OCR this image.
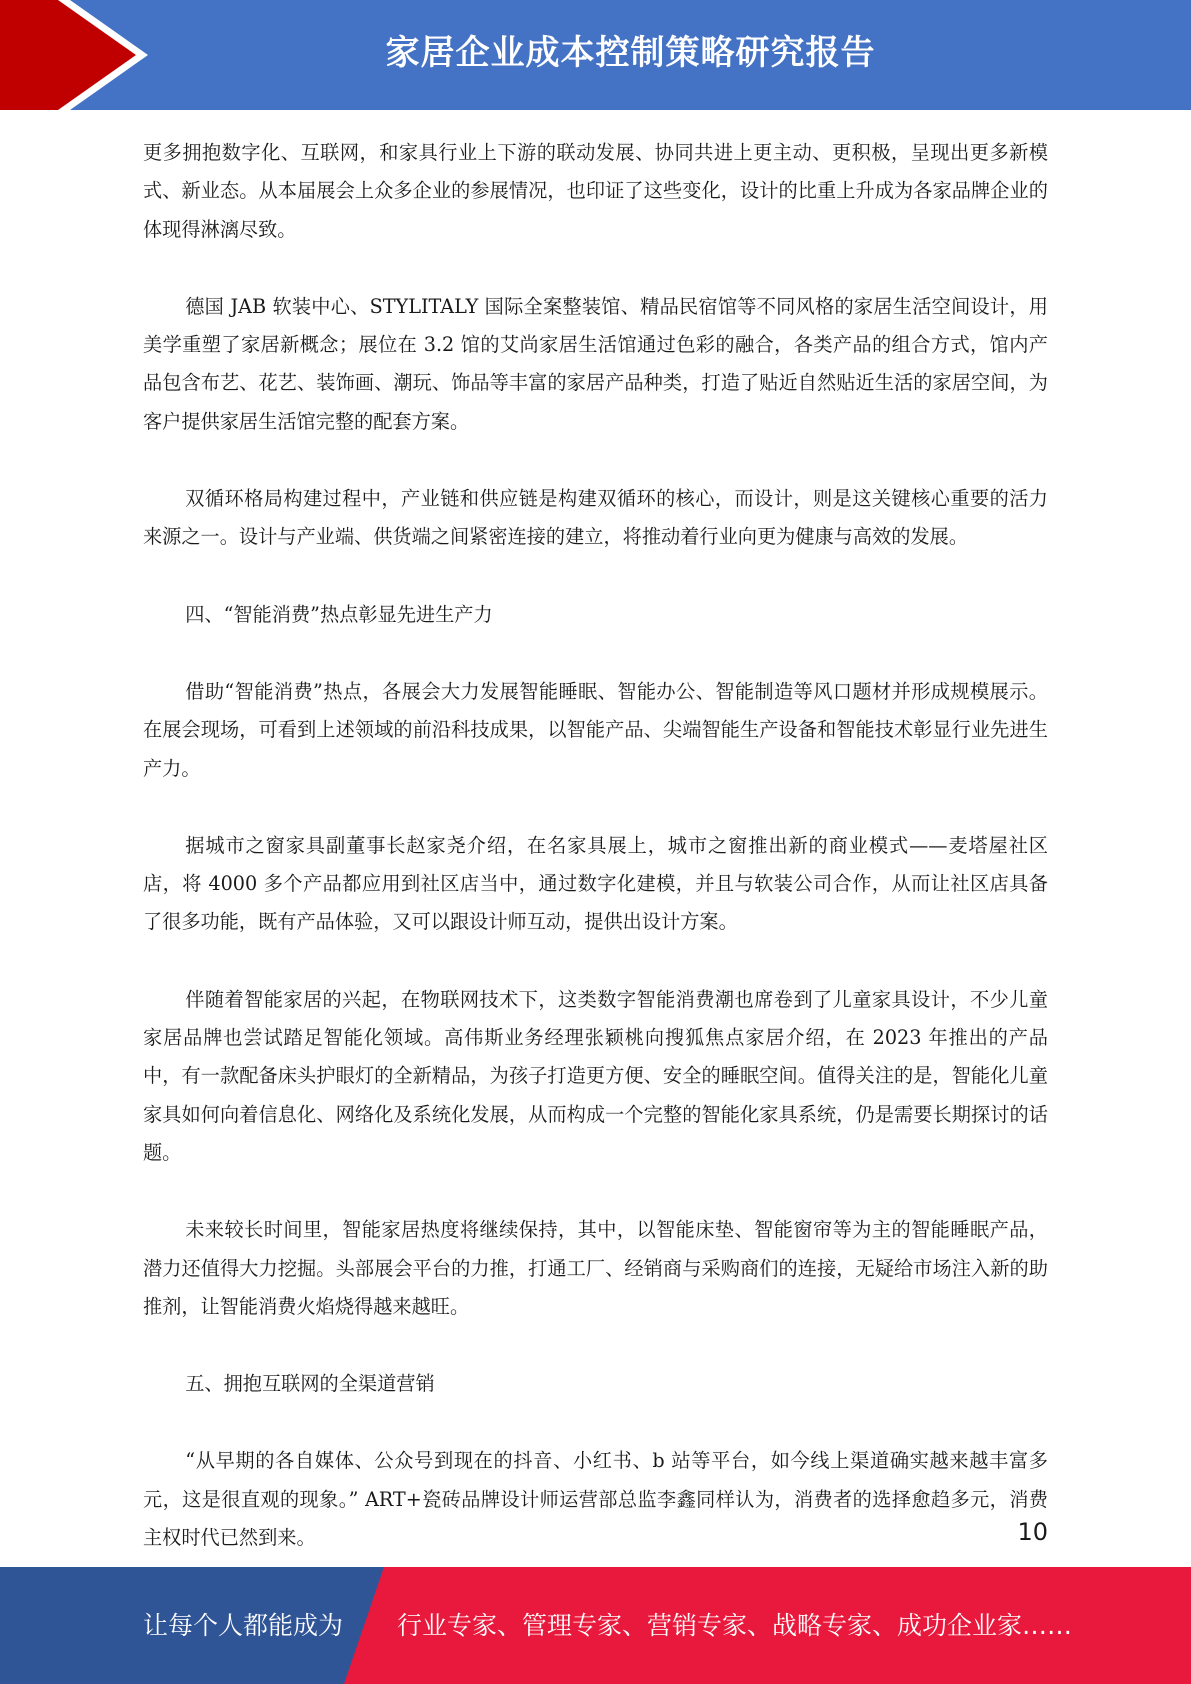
家居企业成本控制策略研究报告

更多拥抱数字化、互联网，和家具行业上下游的联动发展、协同共进上更主动、更积极，呈现出更多新模式、新业态。从本届展会上众多企业的参展情况，也印证了这些变化，设计的比重上升成为各家品牌企业的体现得淋漓尽致。

德国 JAB 软装中心、STYLITALY 国际全案整装馆、精品民宿馆等不同风格的家居生活空间设计，用美学重塑了家居新概念；展位在 3.2 馆的艾尚家居生活馆通过色彩的融合，各类产品的组合方式，馆内产品包含布艺、花艺、装饰画、潮玩、饰品等丰富的家居产品种类，打造了贴近自然贴近生活的家居空间，为客户提供家居生活馆完整的配套方案。

双循环格局构建过程中，产业链和供应链是构建双循环的核心，而设计，则是这关键核心重要的活力来源之一。设计与产业端、供货端之间紧密连接的建立，将推动着行业向更为健康与高效的发展。

四、“智能消费”热点彰显先进生产力

借助“智能消费”热点，各展会大力发展智能睡眠、智能办公、智能制造等风口题材并形成规模展示。在展会现场，可看到上述领域的前沿科技成果，以智能产品、尖端智能生产设备和智能技术彰显行业先进生产力。

据城市之窗家具副董事长赵家尧介绍，在名家具展上，城市之窗推出新的商业模式——麦塔屋社区店，将 4000 多个产品都应用到社区店当中，通过数字化建模，并且与软装公司合作，从而让社区店具备了很多功能，既有产品体验，又可以跟设计师互动，提供出设计方案。

伴随着智能家居的兴起，在物联网技术下，这类数字智能消费潮也席卷到了儿童家具设计，不少儿童家居品牌也尝试踏足智能化领域。高伟斯业务经理张颖桃向搜狐焦点家居介绍，在 2023 年推出的产品中，有一款配备床头护眼灯的全新精品，为孩子打造更方便、安全的睡眠空间。值得关注的是，智能化儿童家具如何向着信息化、网络化及系统化发展，从而构成一个完整的智能化家具系统，仍是需要长期探讨的话题。

未来较长时间里，智能家居热度将继续保持，其中，以智能床垫、智能窗帘等为主的智能睡眠产品，潜力还值得大力挖掘。头部展会平台的力推，打通工厂、经销商与采购商们的连接，无疑给市场注入新的助推剂，让智能消费火焰烧得越来越旺。

五、拥抱互联网的全渠道营销

“从早期的各自媒体、公众号到现在的抖音、小红书、b 站等平台，如今线上渠道确实越来越丰富多元，这是很直观的现象。” ART+瓷砖品牌设计师运营部总监李鑫同样认为，消费者的选择愈趋多元，消费主权时代已然到来。	10
让每个人都能成为 行业专家、管理专家、营销专家、战略专家、成功企业家……
